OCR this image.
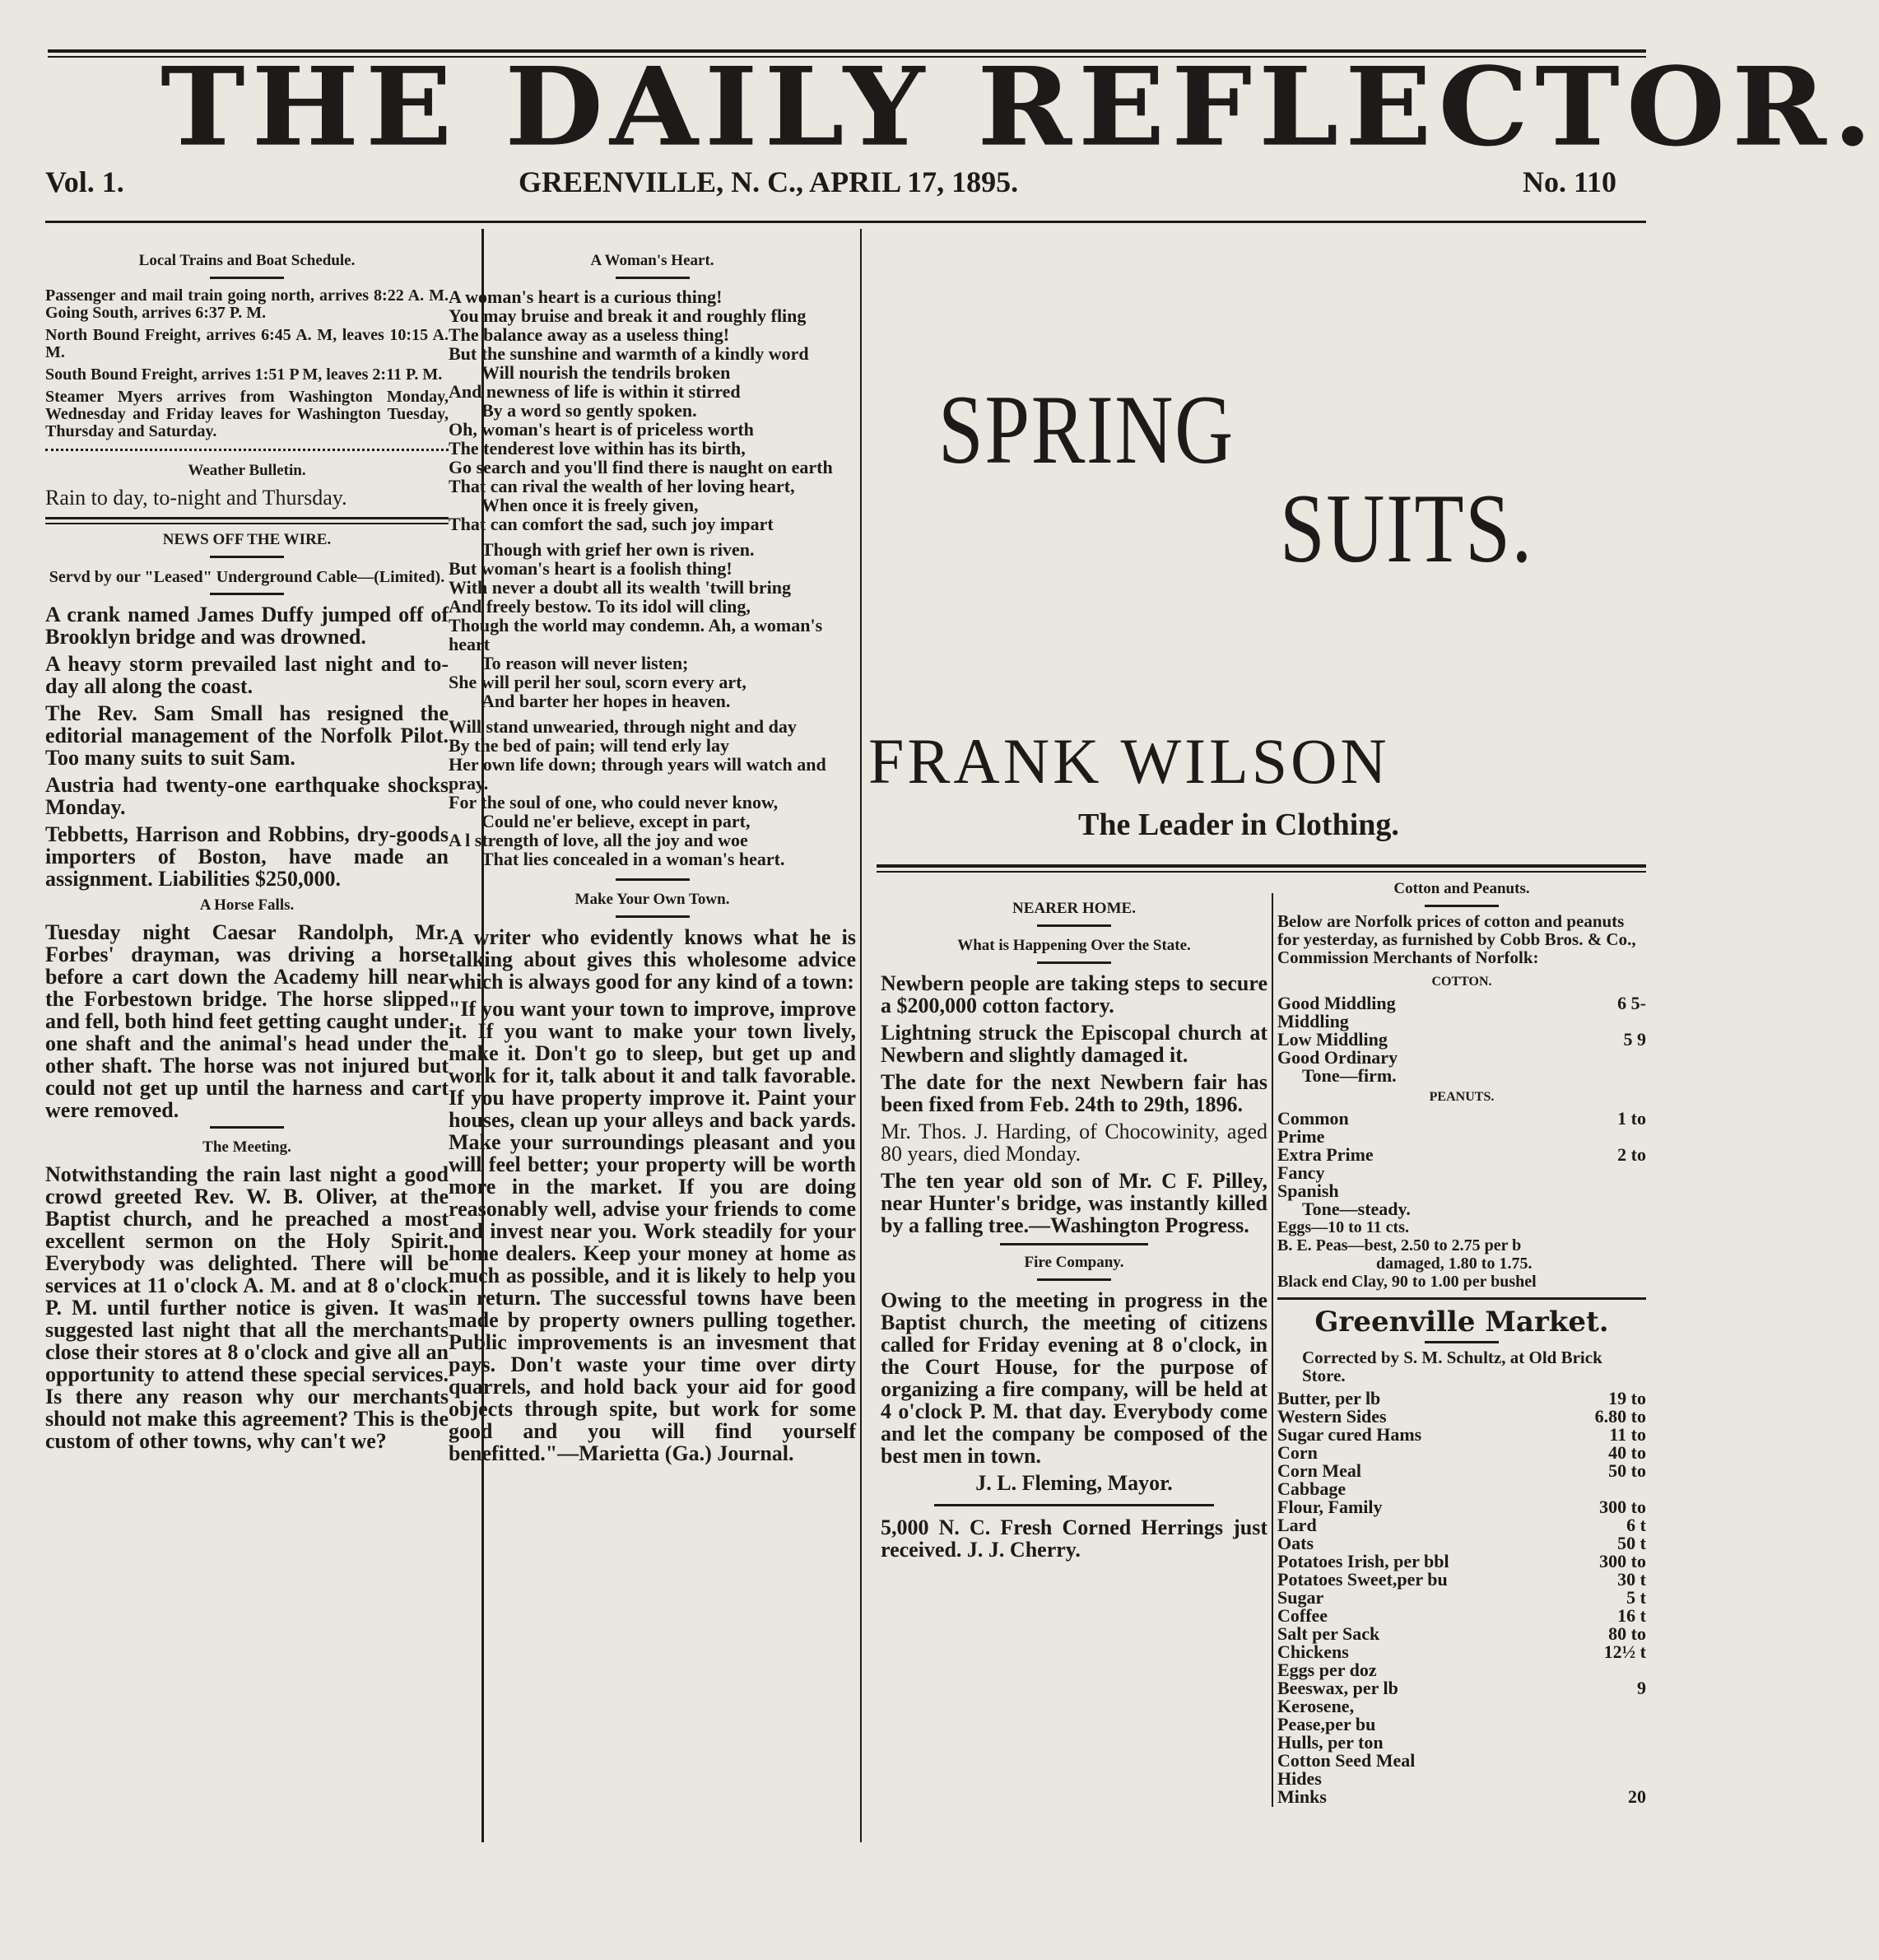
THE DAILY REFLECTOR.
Vol. 1.	GREENVILLE, N. C., APRIL 17, 1895.	No. 110
Local Trains and Boat Schedule.

Passenger and mail train going north, arrives 8:22 A. M. Going South, arrives 6:37 P. M.

North Bound Freight, arrives 6:45 A. M, leaves 10:15 A. M.

South Bound Freight, arrives 1:51 P M, leaves 2:11 P. M.

Steamer Myers arrives from Washington Monday, Wednesday and Friday leaves for Washington Tuesday, Thursday and Saturday.

Weather Bulletin.

Rain to day, to-night and Thursday.

NEWS OFF THE WIRE.
Servd by our "Leased" Underground Cable—(Limited).

A crank named James Duffy jumped off of Brooklyn bridge and was drowned.

A heavy storm prevailed last night and to-day all along the coast.

The Rev. Sam Small has resigned the editorial management of the Norfolk Pilot. Too many suits to suit Sam.

Austria had twenty-one earthquake shocks Monday.

Tebbetts, Harrison and Robbins, dry-goods importers of Boston, have made an assignment. Liabilities $250,000.

A Horse Falls.

Tuesday night Caesar Randolph, Mr. Forbes' drayman, was driving a horse before a cart down the Academy hill near the Forbestown bridge. The horse slipped and fell, both hind feet getting caught under one shaft and the animal's head under the other shaft. The horse was not injured but could not get up until the harness and cart were removed.

The Meeting.

Notwithstanding the rain last night a good crowd greeted Rev. W. B. Oliver, at the Baptist church, and he preached a most excellent sermon on the Holy Spirit. Everybody was delighted. There will be services at 11 o'clock A. M. and at 8 o'clock P. M. until further notice is given. It was suggested last night that all the merchants close their stores at 8 o'clock and give all an opportunity to attend these special services. Is there any reason why our merchants should not make this agreement? This is the custom of other towns, why can't we?

A Woman's Heart.
A woman's heart is a curious thing!
You may bruise and break it and roughly fling
The balance away as a useless thing!
But the sunshine and warmth of a kindly word
Will nourish the tendrils broken
And newness of life is within it stirred
By a word so gently spoken.
Oh, woman's heart is of priceless worth
The tenderest love within has its birth,
Go search and you'll find there is naught on earth
That can rival the wealth of her loving heart,
When once it is freely given,
That can comfort the sad, such joy impart
Though with grief her own is riven.
But woman's heart is a foolish thing!
With never a doubt all its wealth 'twill bring
And freely bestow. To its idol will cling,
Though the world may condemn. Ah, a woman's heart
To reason will never listen;
She will peril her soul, scorn every art,
And barter her hopes in heaven.
Will stand unwearied, through night and day
By the bed of pain; will tend erly lay
Her own life down; through years will watch and pray.
For the soul of one, who could never know,
Could ne'er believe, except in part,
A l strength of love, all the joy and woe
That lies concealed in a woman's heart.
Make Your Own Town.

A writer who evidently knows what he is talking about gives this wholesome advice which is always good for any kind of a town:

"If you want your town to improve, improve it. If you want to make your town lively, make it. Don't go to sleep, but get up and work for it, talk about it and talk favorable. If you have property improve it. Paint your houses, clean up your alleys and back yards. Make your surroundings pleasant and you will feel better; your property will be worth more in the market. If you are doing reasonably well, advise your friends to come and invest near you. Work steadily for your home dealers. Keep your money at home as much as possible, and it is likely to help you in return. The successful towns have been made by property owners pulling together. Public improvements is an invesment that pays. Don't waste your time over dirty quarrels, and hold back your aid for good objects through spite, but work for some good and you will find yourself benefitted."—Marietta (Ga.) Journal.

SPRING
SUITS.
FRANK WILSON
The Leader in Clothing.
NEARER HOME.
What is Happening Over the State.

Newbern people are taking steps to secure a $200,000 cotton factory.

Lightning struck the Episcopal church at Newbern and slightly damaged it.

The date for the next Newbern fair has been fixed from Feb. 24th to 29th, 1896.

Mr. Thos. J. Harding, of Chocowinity, aged 80 years, died Monday.

The ten year old son of Mr. C F. Pilley, near Hunter's bridge, was instantly killed by a falling tree.—Washington Progress.

Fire Company.

Owing to the meeting in progress in the Baptist church, the meeting of citizens called for Friday evening at 8 o'clock, in the Court House, for the purpose of organizing a fire company, will be held at 4 o'clock P. M. that day. Everybody come and let the company be composed of the best men in town.

J. L. Fleming, Mayor.

5,000 N. C. Fresh Corned Herrings just received. J. J. Cherry.

Cotton and Peanuts.

Below are Norfolk prices of cotton and peanuts for yesterday, as furnished by Cobb Bros. & Co., Commission Merchants of Norfolk:

COTTON.
Good Middling	6 5-
Middling
Low Middling	5 9
Good Ordinary
Tone—firm.
PEANUTS.
Common	1 to
Prime
Extra Prime	2 to
Fancy
Spanish
Tone—steady.
Eggs—10 to 11 cts.
B. E. Peas—best, 2.50 to 2.75 per b
damaged, 1.80 to 1.75.
Black end Clay, 90 to 1.00 per bushel
Greenville Market.

Corrected by S. M. Schultz, at Old Brick Store.

Butter, per lb	19 to
Western Sides	6.80 to
Sugar cured Hams	11 to
Corn	40 to
Corn Meal	50 to
Cabbage
Flour, Family	300 to
Lard	6 t
Oats	50 t
Potatoes Irish, per bbl	300 to
Potatoes Sweet,per bu	30 t
Sugar	5 t
Coffee	16 t
Salt per Sack	80 to
Chickens	12½ t
Eggs per doz
Beeswax, per lb	9
Kerosene,
Pease,per bu
Hulls, per ton
Cotton Seed Meal
Hides
Minks	20
